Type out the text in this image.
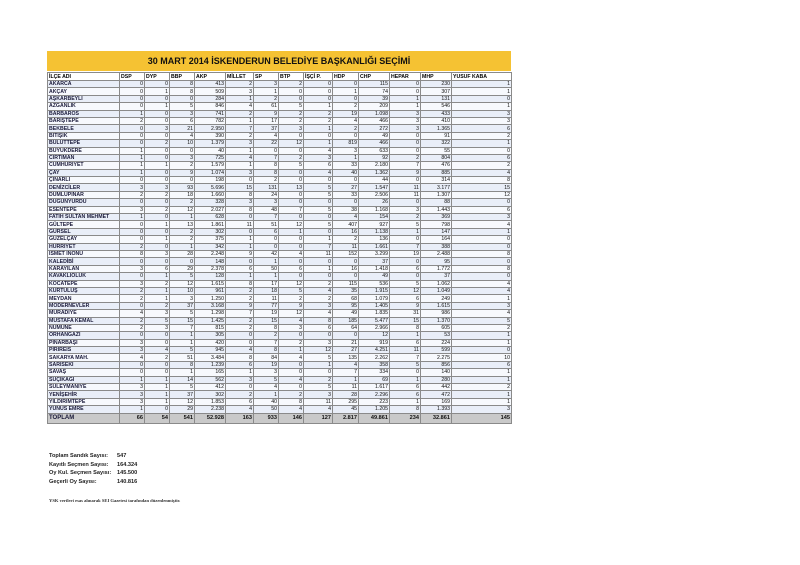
30 MART 2014 İSKENDERUN BELEDİYE BAŞKANLIĞI SEÇİMİ
İLÇE ADI	DSP	DYP	BBP	AKP	MİLLET	SP	BTP	İŞÇİ P.	HDP	CHP	HEPAR	MHP	YUSUF KABA
AKARCA	0	0	8	413	2	3	2	0	0	115	0	230	1
AKÇAY	0	1	8	509	3	1	0	0	1	74	0	307	1
AŞKARBEYLİ	0	0	0	284	1	2	0	0	0	39	1	131	0
AZGANLIK	0	1	5	846	4	61	5	1	2	209	1	546	1
BARBAROS	1	0	3	741	2	9	2	2	19	1.098	3	433	3
BARIŞTEPE	2	0	6	782	1	17	2	2	4	466	3	410	3
BEKBELE	0	3	21	2.950	7	37	3	1	2	272	3	1.365	6
BİTİŞİK	0	0	4	390	2	4	0	0	0	49	0	91	2
BULUTTEPE	0	2	10	1.379	3	22	12	1	819	466	0	322	1
BÜYÜKDERE	1	0	0	40	1	0	0	4	3	633	0	55	0
CIRTIMAN	1	0	3	725	4	7	2	3	1	92	2	804	6
CUMHURİYET	1	1	2	1.579	1	8	5	6	33	2.180	7	476	2
ÇAY	1	0	9	1.074	3	8	0	4	40	1.362	9	885	4
ÇINARLI	0	0	0	198	0	2	0	0	0	44	0	314	8
DENİZCİLER	3	3	93	5.696	15	131	13	5	27	1.547	11	3.177	15
DUMLUPINAR	2	2	18	1.660	8	24	0	5	33	2.506	11	1.307	12
DÜĞÜNYURDU	0	0	2	328	3	3	0	0	0	26	0	88	0
ESENTEPE	3	2	12	2.027	8	48	7	5	38	1.168	3	1.443	6
FATİH SULTAN MEHMET	1	0	1	628	0	7	0	0	4	154	2	369	3
GÜLTEPE	0	1	13	1.861	11	51	12	5	407	927	5	798	4
GÜRSEL	0	0	2	302	0	6	1	0	16	1.138	1	147	1
GÜZELÇAY	0	1	2	375	1	0	0	1	2	136	0	164	0
HÜRRİYET	2	0	1	342	1	0	0	7	11	1.661	7	388	0
İSMET İNÖNÜ	8	3	28	2.248	9	42	4	11	152	3.299	19	2.488	8
KALEDİBİ	0	0	0	148	0	1	0	0	0	37	0	95	0
KARAYILAN	3	6	29	2.378	6	50	6	1	16	1.418	6	1.772	8
KAVAKLIOLUK	0	1	5	128	1	1	0	0	0	49	0	37	0
KOCATEPE	3	2	12	1.615	8	17	12	2	115	536	5	1.062	4
KURTULUŞ	2	1	10	961	2	18	5	4	35	1.915	12	1.049	4
MEYDAN	2	1	3	1.250	2	11	2	2	68	1.079	6	249	1
MODERNEVLER	0	2	37	3.168	9	77	9	3	95	1.405	9	1.615	3
MURADİYE	4	3	5	1.298	7	19	12	4	49	1.835	31	986	4
MUSTAFA KEMAL	2	5	15	1.425	2	15	4	8	185	5.477	15	1.370	5
NUMUNE	2	3	7	815	2	8	3	6	64	2.966	8	605	2
ORHANGAZİ	0	0	1	305	0	2	0	0	0	12	1	53	1
PINARBAŞI	3	0	1	420	0	7	2	3	21	919	6	224	1
PİRİREİS	3	4	5	945	4	8	1	12	27	4.251	11	599	0
SAKARYA MAH.	4	2	51	3.484	8	84	4	5	135	2.262	7	2.275	10
SARISEKİ	0	0	8	1.239	6	19	0	1	4	358	5	856	6
SAVAŞ	0	0	1	165	1	3	0	0	7	334	0	140	1
SUÇIKAĞI	1	1	14	562	3	5	4	2	1	69	1	280	1
SÜLEYMANİYE	3	1	5	412	0	4	0	5	11	1.617	6	442	2
YENİŞEHİR	3	1	37	302	2	1	2	3	28	2.296	6	472	1
YILDIRIMTEPE	3	1	12	1.853	6	40	8	11	295	223	1	169	1
YUNUS EMRE	1	0	29	2.238	4	50	4	4	45	1.205	8	1.393	3
TOPLAM	66	54	541	52.928	163	933	146	127	2.817	49.861	234	32.861	145
Toplam Sandık Sayısı:	547
Kayıtlı Seçmen Sayısı:	164.324
Oy Kul. Seçmen Sayısı:	145.500
Geçerli Oy Sayısı:	140.816
YSK verileri esas alınarak SEI Gazetesi tarafından düzenlenmiştir.
